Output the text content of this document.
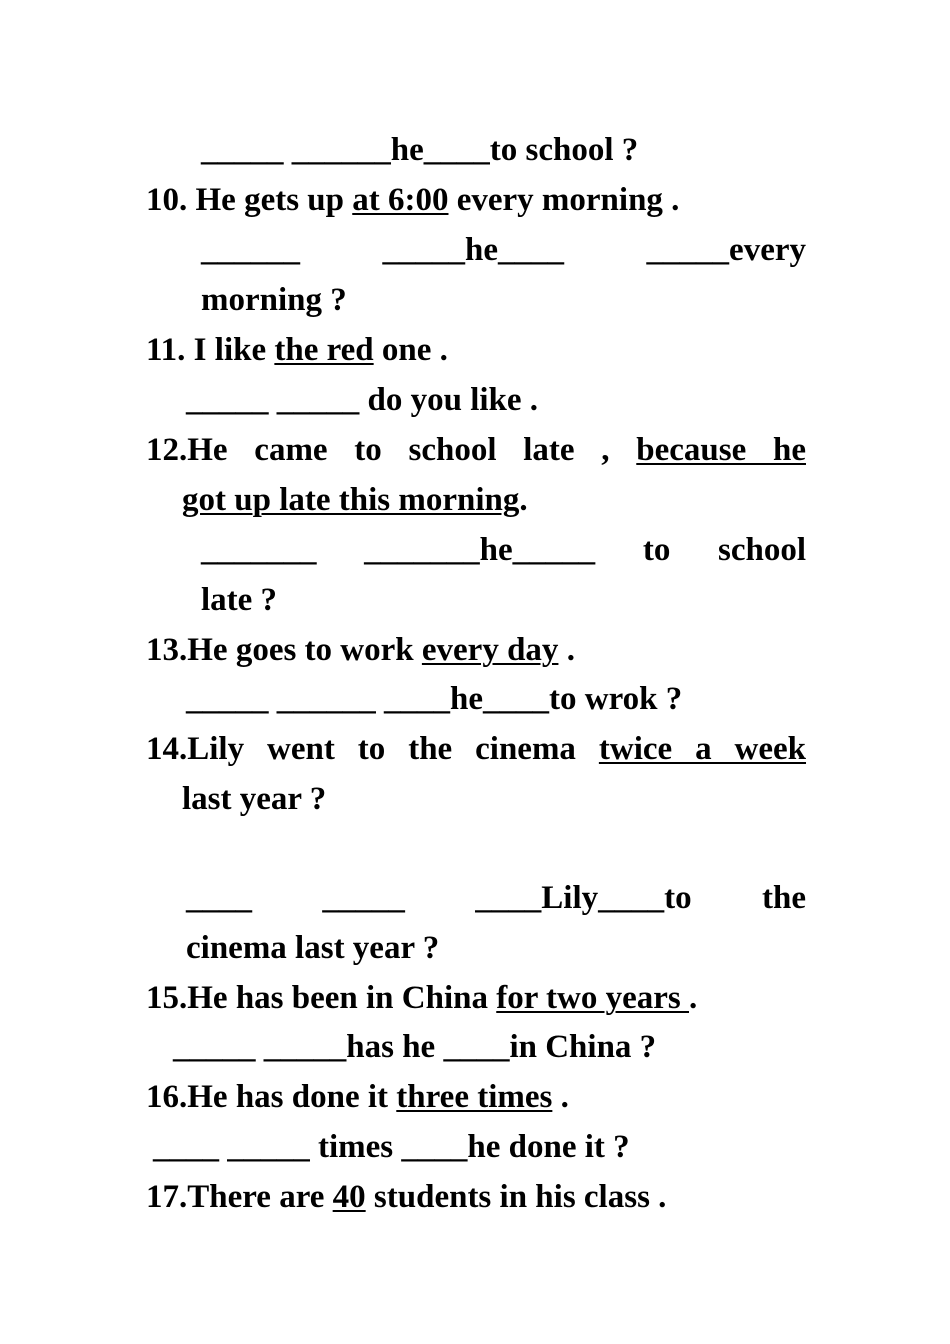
_____ ______he____to school ?
10. He gets up at 6:00 every morning .
______ _____he____ _____every
morning ?
11. I like the red one .
_____ _____ do you like .
12.He came to school late , because he
got up late this morning.
_______ _______he_____ to school
late ?
13.He goes to work every day .
_____ ______ ____he____to wrok ?
14.Lily went to the cinema twice a week
last year ?
____ _____ ____Lily____to the
cinema last year ?
15.He has been in China for two years .
_____ _____has he ____in China ?
16.He has done it three times .
____ _____ times ____he done it ?
17.There are 40 students in his class .
